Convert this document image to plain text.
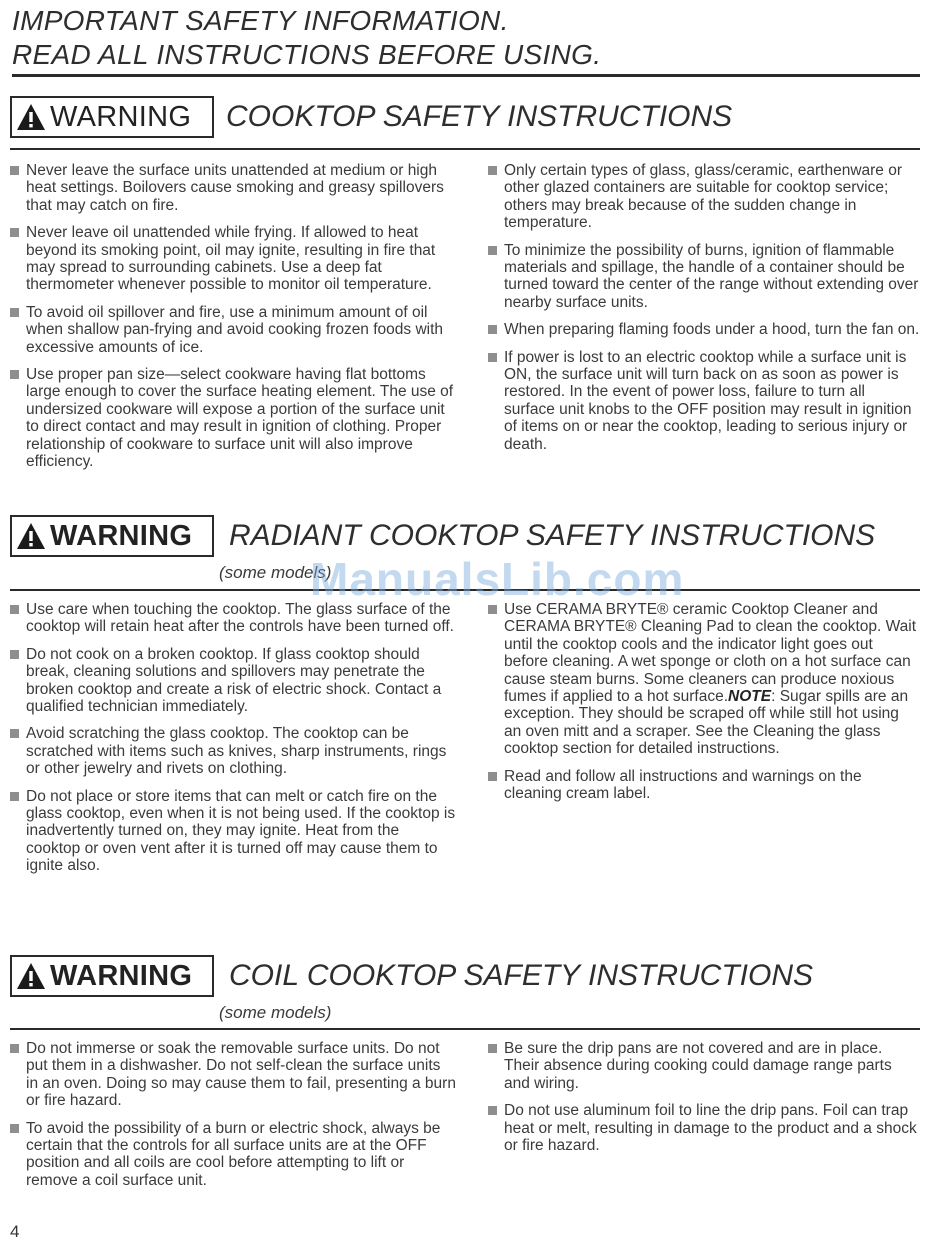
IMPORTANT SAFETY INFORMATION.
READ ALL INSTRUCTIONS BEFORE USING.
WARNING COOKTOP SAFETY INSTRUCTIONS
Never leave the surface units unattended at medium or high heat settings. Boilovers cause smoking and greasy spillovers that may catch on fire.
Never leave oil unattended while frying. If allowed to heat beyond its smoking point, oil may ignite, resulting in fire that may spread to surrounding cabinets. Use a deep fat thermometer whenever possible to monitor oil temperature.
To avoid oil spillover and fire, use a minimum amount of oil when shallow pan-frying and avoid cooking frozen foods with excessive amounts of ice.
Use proper pan size—select cookware having flat bottoms large enough to cover the surface heating element. The use of undersized cookware will expose a portion of the surface unit to direct contact and may result in ignition of clothing. Proper relationship of cookware to surface unit will also improve efficiency.
Only certain types of glass, glass/ceramic, earthenware or other glazed containers are suitable for cooktop service; others may break because of the sudden change in temperature.
To minimize the possibility of burns, ignition of flammable materials and spillage, the handle of a container should be turned toward the center of the range without extending over nearby surface units.
When preparing flaming foods under a hood, turn the fan on.
If power is lost to an electric cooktop while a surface unit is ON, the surface unit will turn back on as soon as power is restored. In the event of power loss, failure to turn all surface unit knobs to the OFF position may result in ignition of items on or near the cooktop, leading to serious injury or death.
WARNING RADIANT COOKTOP SAFETY INSTRUCTIONS
(some models)
Use care when touching the cooktop. The glass surface of the cooktop will retain heat after the controls have been turned off.
Do not cook on a broken cooktop. If glass cooktop should break, cleaning solutions and spillovers may penetrate the broken cooktop and create a risk of electric shock. Contact a qualified technician immediately.
Avoid scratching the glass cooktop. The cooktop can be scratched with items such as knives, sharp instruments, rings or other jewelry and rivets on clothing.
Do not place or store items that can melt or catch fire on the glass cooktop, even when it is not being used. If the cooktop is inadvertently turned on, they may ignite. Heat from the cooktop or oven vent after it is turned off may cause them to ignite also.
Use CERAMA BRYTE® ceramic Cooktop Cleaner and CERAMA BRYTE® Cleaning Pad to clean the cooktop. Wait until the cooktop cools and the indicator light goes out before cleaning. A wet sponge or cloth on a hot surface can cause steam burns. Some cleaners can produce noxious fumes if applied to a hot surface.NOTE: Sugar spills are an exception. They should be scraped off while still hot using an oven mitt and a scraper. See the Cleaning the glass cooktop section for detailed instructions.
Read and follow all instructions and warnings on the cleaning cream label.
WARNING COIL COOKTOP SAFETY INSTRUCTIONS
(some models)
Do not immerse or soak the removable surface units. Do not put them in a dishwasher. Do not self-clean the surface units in an oven. Doing so may cause them to fail, presenting a burn or fire hazard.
To avoid the possibility of a burn or electric shock, always be certain that the controls for all surface units are at the OFF position and all coils are cool before attempting to lift or remove a coil surface unit.
Be sure the drip pans are not covered and are in place. Their absence during cooking could damage range parts and wiring.
Do not use aluminum foil to line the drip pans. Foil can trap heat or melt, resulting in damage to the product and a shock or fire hazard.
ManualsLib.com
4
